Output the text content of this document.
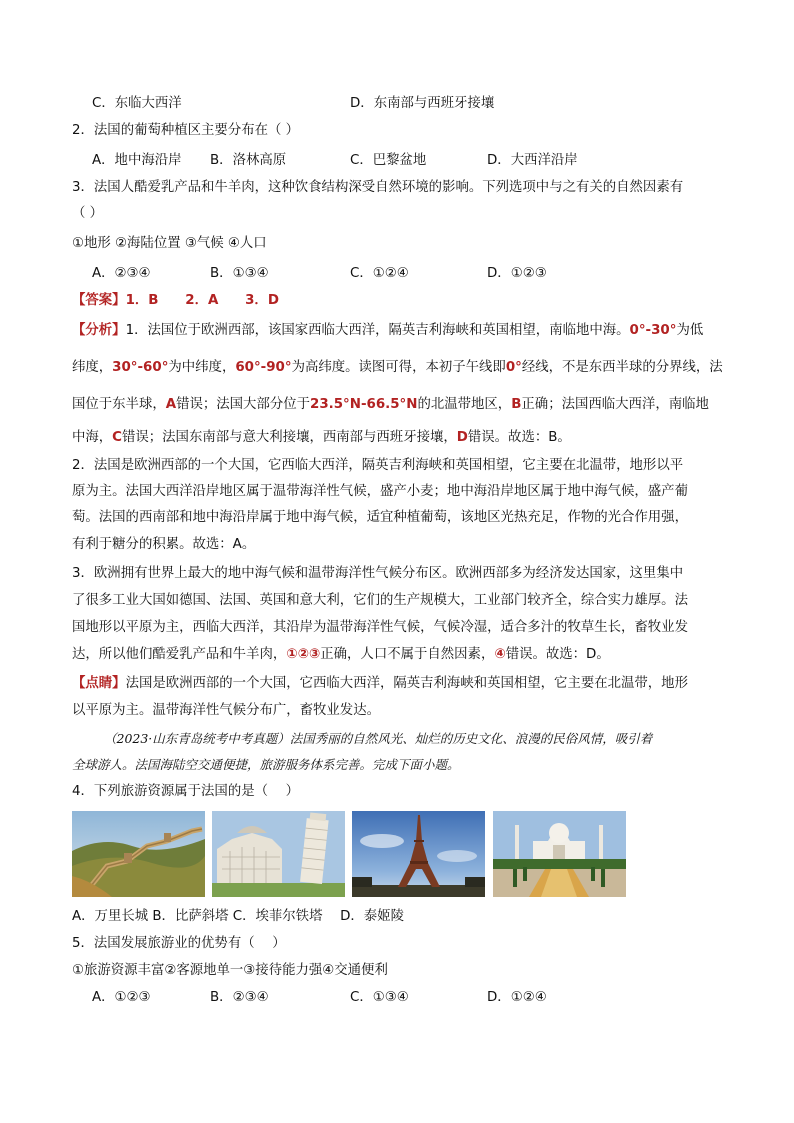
C．东临大西洋	D．东南部与西班牙接壤
2．法国的葡萄种植区主要分布在（ ）
A．地中海沿岸 B．洛林高原	C．巴黎盆地	D．大西洋沿岸
3．法国人酷爱乳产品和牛羊肉，这种饮食结构深受自然环境的影响。下列选项中与之有关的自然因素有
（ ）
①地形 ②海陆位置 ③气候 ④人口
A．②③④	B．①③④	C．①②④	D．①②③
【答案】1．B　　2．A　　3．D
【分析】1．法国位于欧洲西部，该国家西临大西洋，隔英吉利海峡和英国相望，南临地中海。0°-30°为低
纬度，30°-60°为中纬度，60°-90°为高纬度。读图可得，本初子午线即0°经线，不是东西半球的分界线，法
国位于东半球，A错误；法国大部分位于23.5°N-66.5°N的北温带地区，B正确；法国西临大西洋，南临地
中海，C错误；法国东南部与意大利接壤，西南部与西班牙接壤，D错误。故选：B。
2．法国是欧洲西部的一个大国，它西临大西洋，隔英吉利海峡和英国相望，它主要在北温带，地形以平
原为主。法国大西洋沿岸地区属于温带海洋性气候，盛产小麦；地中海沿岸地区属于地中海气候，盛产葡
萄。法国的西南部和地中海沿岸属于地中海气候，适宜种植葡萄，该地区光热充足，作物的光合作用强，
有利于糖分的积累。故选：A。
3．欧洲拥有世界上最大的地中海气候和温带海洋性气候分布区。欧洲西部多为经济发达国家，这里集中
了很多工业大国如德国、法国、英国和意大利，它们的生产规模大，工业部门较齐全，综合实力雄厚。法
国地形以平原为主，西临大西洋，其沿岸为温带海洋性气候，气候冷湿，适合多汁的牧草生长，畜牧业发
达，所以他们酷爱乳产品和牛羊肉，①②③正确，人口不属于自然因素，④错误。故选：D。
【点睛】法国是欧洲西部的一个大国，它西临大西洋，隔英吉利海峡和英国相望，它主要在北温带，地形
以平原为主。温带海洋性气候分布广，畜牧业发达。
（2023·山东青岛统考中考真题）法国秀丽的自然风光、灿烂的历史文化、浪漫的民俗风情，吸引着
全球游人。法国海陆空交通便捷，旅游服务体系完善。完成下面小题。
4．下列旅游资源属于法国的是（　 ）
A．万里长城 B．比萨斜塔 C．埃菲尔铁塔　 D．泰姬陵
5．法国发展旅游业的优势有（　 ）
①旅游资源丰富②客源地单一③接待能力强④交通便利
A．①②③	B．②③④	C．①③④	D．①②④
